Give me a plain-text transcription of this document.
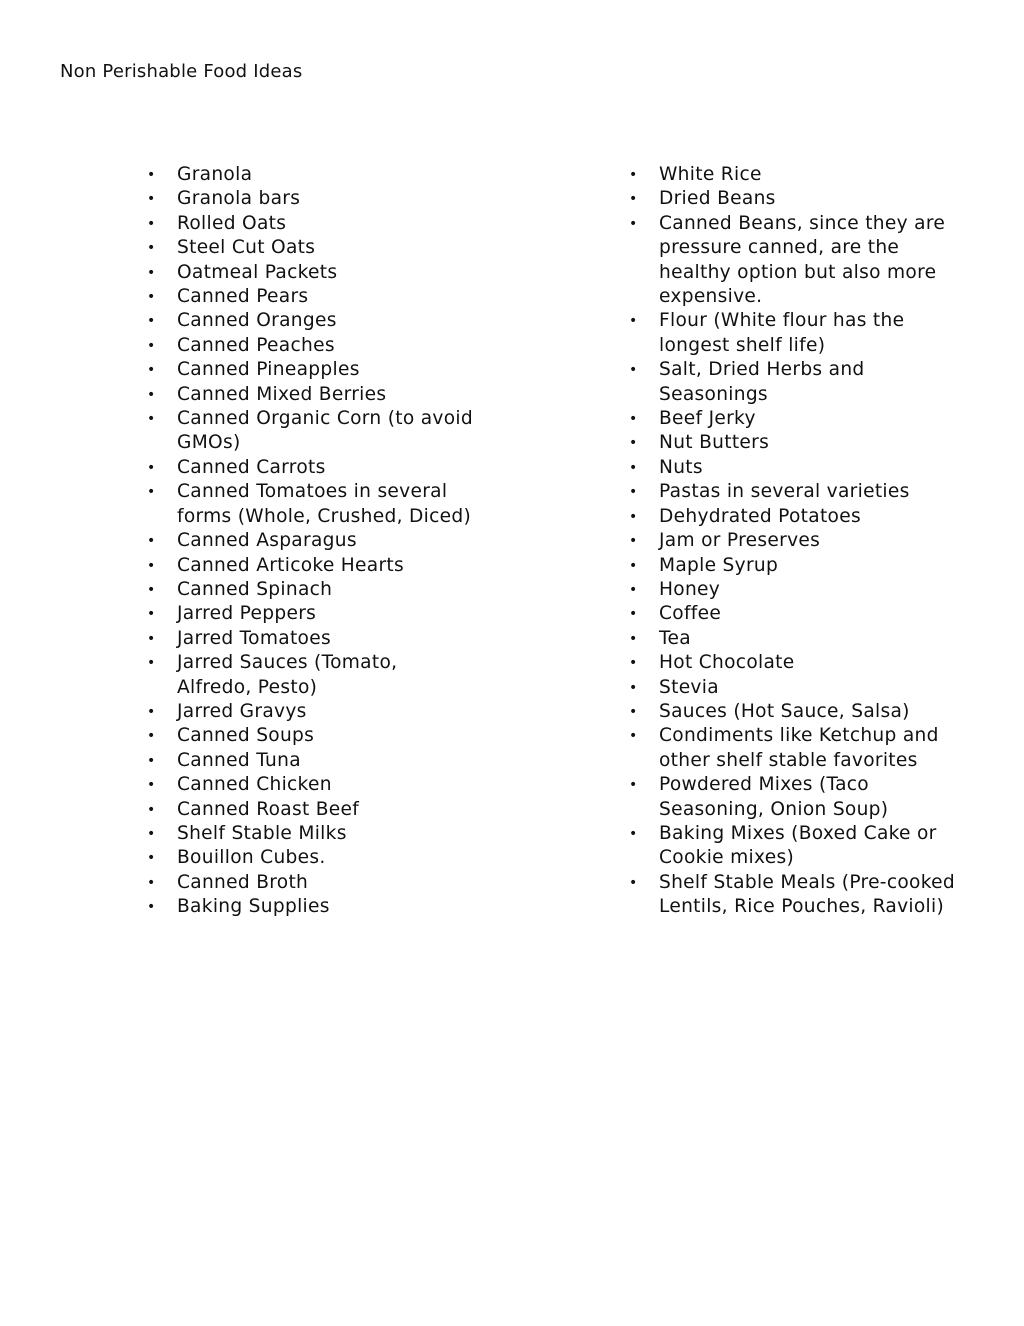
Non Perishable Food Ideas
• Granola
• Granola bars
• Rolled Oats
• Steel Cut Oats
• Oatmeal Packets
• Canned Pears
• Canned Oranges
• Canned Peaches
• Canned Pineapples
• Canned Mixed Berries
• Canned Organic Corn (to avoid
GMOs)
• Canned Carrots
• Canned Tomatoes in several
forms (Whole, Crushed, Diced)
• Canned Asparagus
• Canned Articoke Hearts
• Canned Spinach
• Jarred Peppers
• Jarred Tomatoes
• Jarred Sauces (Tomato,
Alfredo, Pesto)
• Jarred Gravys
• Canned Soups
• Canned Tuna
• Canned Chicken
• Canned Roast Beef
• Shelf Stable Milks
• Bouillon Cubes.
• Canned Broth
• Baking Supplies
• White Rice
• Dried Beans
• Canned Beans, since they are
pressure canned, are the
healthy option but also more
expensive.
• Flour (White flour has the
longest shelf life)
• Salt, Dried Herbs and
Seasonings
• Beef Jerky
• Nut Butters
• Nuts
• Pastas in several varieties
• Dehydrated Potatoes
• Jam or Preserves
• Maple Syrup
• Honey
• Coffee
• Tea
• Hot Chocolate
• Stevia
• Sauces (Hot Sauce, Salsa)
• Condiments like Ketchup and
other shelf stable favorites
• Powdered Mixes (Taco
Seasoning, Onion Soup)
• Baking Mixes (Boxed Cake or
Cookie mixes)
• Shelf Stable Meals (Pre-cooked
Lentils, Rice Pouches, Ravioli)
